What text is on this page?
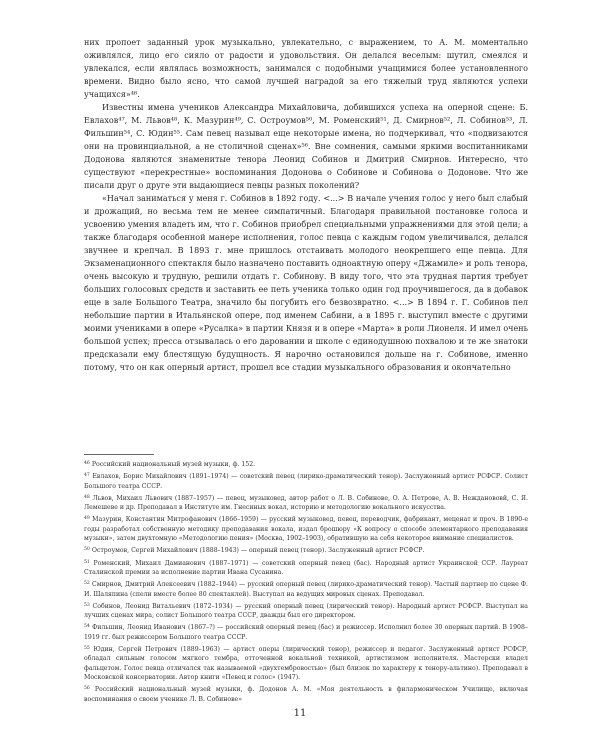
них пропоет заданный урок музыкально, увлекательно, с выражением, то А. М. моментально оживлялся, лицо его сияло от радости и удовольствия. Он делался веселым: шутил, смеялся и увлекался, если являлась возможность, занимался с подобными учащимися более установленного времени. Видно было ясно, что самой лучшей наградой за его тяжелый труд являются успехи учащихся»⁴⁶.

Известны имена учеников Александра Михайловича, добившихся успеха на оперной сцене: Б. Евлахов⁴⁷, М. Львов⁴⁸, К. Мазурин⁴⁹, С. Остроумов⁵⁰, М. Роменский⁵¹, Д. Смирнов⁵², Л. Собинов⁵³, Л. Фильшин⁵⁴, С. Юдин⁵⁵. Сам певец называл еще некоторые имена, но подчеркивал, что «подвизаются они на провинциальной, а не столичной сценах»⁵⁶. Вне сомнения, самыми яркими воспитанниками Додонова являются знаменитые тенора Леонид Собинов и Дмитрий Смирнов. Интересно, что существуют «перекрестные» воспоминания Додонова о Собинове и Собинова о Додонове. Что же писали друг о друге эти выдающиеся певцы разных поколений?

«Начал заниматься у меня г. Собинов в 1892 году. <...> В начале учения голос у него был слабый и дрожащий, но весьма тем не менее симпатичный. Благодаря правильной постановке голоса и усвоению умения владеть им, что г. Собинов приобрел специальными упражнениями для этой цели; а также благодаря особенной манере исполнения, голос певца с каждым годом увеличивался, делался звучнее и крепчал. В 1893 г. мне пришлось отстаивать молодого неокрепшего еще певца. Для Экзаменационного спектакля было назначено поставить одноактную оперу «Джамиле» и роль тенора, очень высокую и трудную, решили отдать г. Собинову. В виду того, что эта трудная партия требует больших голосовых средств и заставить ее петь ученика только один год проучившегося, да в добавок еще в зале Большого Театра, значило бы погубить его безвозвратно. <...> В 1894 г. Г. Собинов пел небольшие партии в Итальянской опере, под именем Сабини, а в 1895 г. выступил вместе с другими моими учениками в опере «Русалка» в партии Князя и в опере «Марта» в роли Лионеля. И имел очень большой успех; пресса отзывалась о его даровании и школе с единодушною похвалою и те же знатоки предсказали ему блестящую будущность. Я нарочно остановился дольше на г. Собинове, именно потому, что он как оперный артист, прошел все стадии музыкального образования и окончательно

$^{46}$ Российский национальный музей музыки, ф. 152.

$^{47}$ Евлахов, Борис Михайлович (1891–1974) — советский певец (лирико-драматический тенор). Заслуженный артист РСФСР. Солист Большого театра СССР.

$^{48}$ Львов, Михаил Львович (1887–1957) — певец, музыковед, автор работ о Л. В. Собинове, О. А. Петрове, А. В. Нежданововй, С. Я. Лемешеве и др. Преподавал в Институте им. Гнесиных вокал, историю и методологию вокального искусства.

$^{49}$ Мазурин, Константин Митрофанович (1866–1959) — русский музыковед, певец, переводчик, фабрикант, меценат и проч. В 1890-е годы разработал собственную методику преподавания вокала, издал брошюру «К вопросу о способе элементарного преподавания музыки», затем двухтомную «Методологию пения» (Москва, 1902–1903), обратившую на себя некоторое внимание специалистов.

$^{50}$ Остроумов, Сергей Михайлович (1888–1943) — оперный певец (тенор). Заслуженный артист РСФСР.

$^{51}$ Роменский, Михаил Дамианович (1887–1971) — советский оперный певец (бас). Народный артист Украинской ССР. Лауреат Сталинской премии за исполнение партии Ивана Сусанина.

$^{52}$ Смирнов, Дмитрий Алексеевич (1882–1944) — русский оперный певец (лирико-драматический тенор). Частый партнер по сцене Ф. И. Шаляпина (спели вместе более 80 спектаклей). Выступал на ведущих мировых сценах. Преподавал.

$^{53}$ Собинов, Леонид Витальевич (1872–1934) — русский оперный певец (лирический тенор). Народный артист РСФСР. Выступал на лучших сценах мира, солист Большого театра СССР, дважды был его директором.

$^{54}$ Фильшин, Леонид Иванович (1867–?) — российский оперный певец (бас) и режиссер. Исполнил более 30 оперных партий. В 1908–1919 гг. был режиссером Большого театра СССР.

$^{55}$ Юдин, Сергей Петрович (1889–1963) — артист оперы (лирический тенор), режиссер и педагог. Заслуженный артист РСФСР, обладал сильным голосом мягкого тембра, отточенной вокальной техникой, артистизмом исполнителя. Мастерски владел фальцетом. Голос певца отличался так называемой «двухтембровостью» (был близок по характеру к тенору-альтино). Преподавал в Московской консерватории. Автор книги «Певец и голос» (1947).

$^{56}$ Российский национальный музей музыки, ф. Додонов А. М. «Моя деятельность в филармоническом Училище, включая воспоминания о своем ученике Л. В. Собинове»

11
